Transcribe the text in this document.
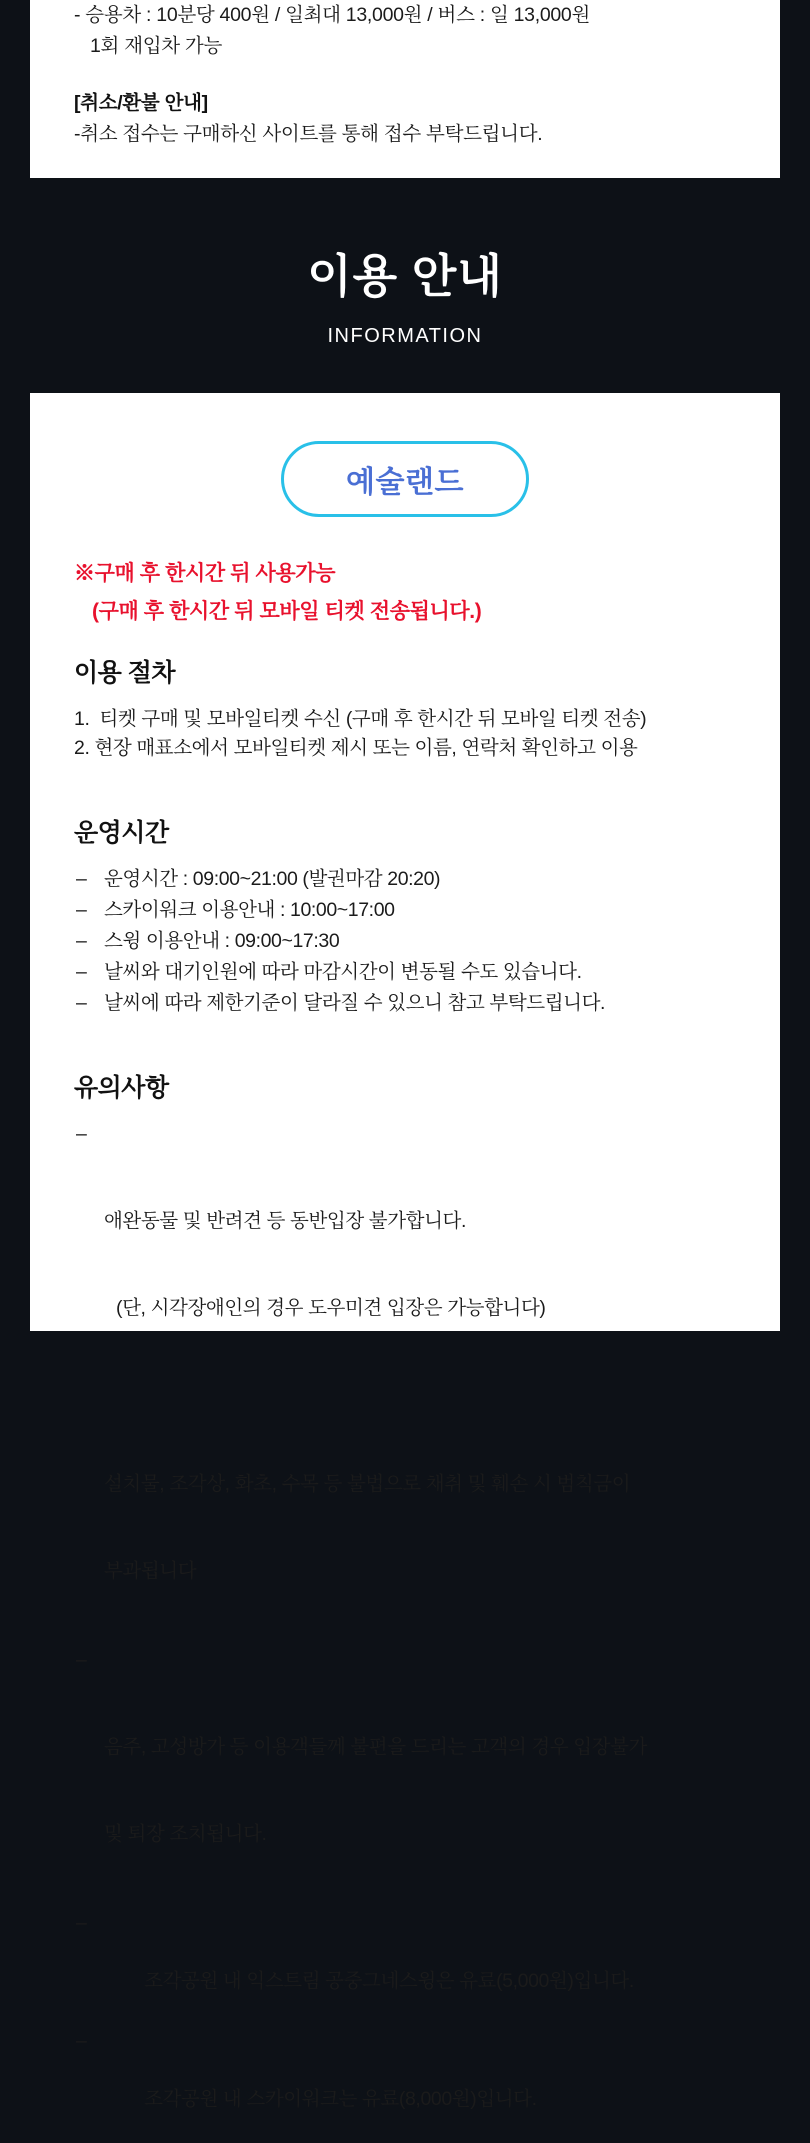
- 승용차 : 10분당 400원 / 일최대 13,000원 / 버스 : 일 13,000원
1회 재입차 가능
[취소/환불 안내]
-취소 접수는 구매하신 사이트를 통해 접수 부탁드립니다.
이용 안내
INFORMATION
예술랜드
※구매 후 한시간 뒤 사용가능
(구매 후 한시간 뒤 모바일 티켓 전송됩니다.)
이용 절차
1.  티켓 구매 및 모바일티켓 수신 (구매 후 한시간 뒤 모바일 티켓 전송)
2. 현장 매표소에서 모바일티켓 제시 또는 이름, 연락처 확인하고 이용
운영시간
– 운영시간 : 09:00~21:00 (발권마감 20:20)
– 스카이워크 이용안내 : 10:00~17:00
– 스윙 이용안내 : 09:00~17:30
– 날씨와 대기인원에 따라 마감시간이 변동될 수도 있습니다.
– 날씨에 따라 제한기준이 달라질 수 있으니 참고 부탁드립니다.
유의사항

–

애완동물 및 반려견 등 동반입장 불가합니다.

(단, 시각장애인의 경우 도우미견 입장은 가능합니다)

설치물, 조각상, 화초, 수목 등 불법으로 채취 및 훼손 시 범칙금이

부과됩니다

–

음주, 고성방가 등 이용객들께 불편을 드리는 고객의 경우 입장불가

및 퇴장 조치됩니다.

–

조각공원 내 익스트림 공중그네스윙은 유료(5,000원)입니다.

–

조각공원 내 스카이워크는 유료(8,000원)입니다.
